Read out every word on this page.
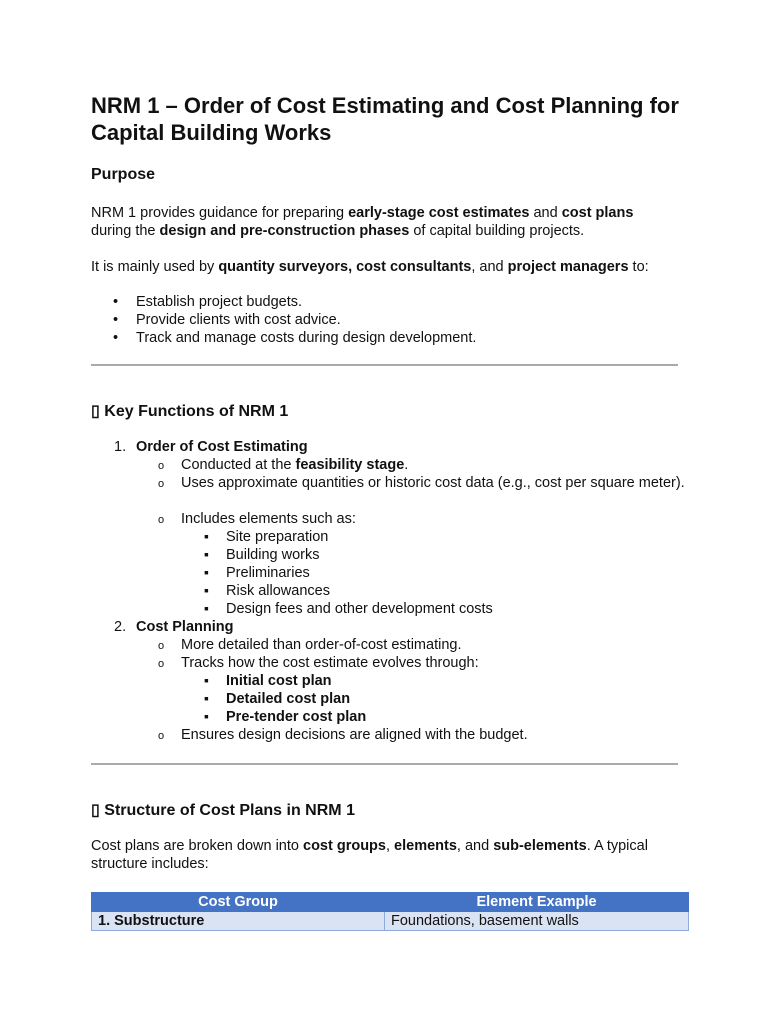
NRM 1 – Order of Cost Estimating and Cost Planning for Capital Building Works
Purpose

NRM 1 provides guidance for preparing early-stage cost estimates and cost plans
during the design and pre-construction phases of capital building projects.

It is mainly used by quantity surveyors, cost consultants, and project managers to:

• Establish project budgets.
• Provide clients with cost advice.
• Track and manage costs during design development.
▯ Key Functions of NRM 1
1. Order of Cost Estimating
o Conducted at the feasibility stage.
o Uses approximate quantities or historic cost data (e.g., cost per square meter).
o Includes elements such as:
▪ Site preparation
▪ Building works
▪ Preliminaries
▪ Risk allowances
▪ Design fees and other development costs
2. Cost Planning
o More detailed than order-of-cost estimating.
o Tracks how the cost estimate evolves through:
▪ Initial cost plan
▪ Detailed cost plan
▪ Pre-tender cost plan
o Ensures design decisions are aligned with the budget.
▯ Structure of Cost Plans in NRM 1

Cost plans are broken down into cost groups, elements, and sub-elements. A typical structure includes:

Cost Group	Element Example
1. Substructure	Foundations, basement walls
